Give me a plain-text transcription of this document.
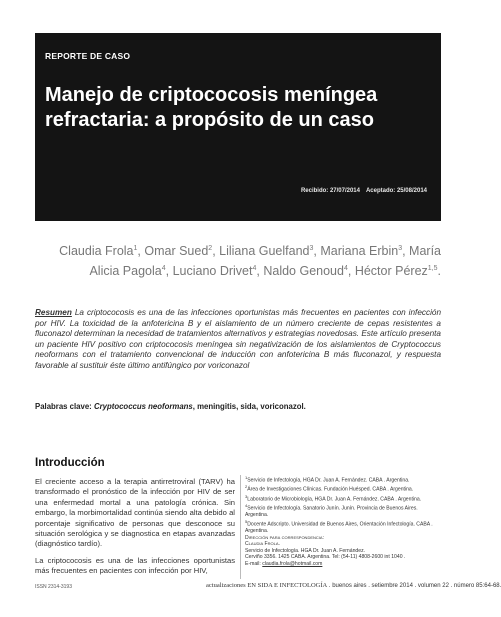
REPORTE DE CASO
Manejo de criptococosis meníngea
refractaria: a propósito de un caso
Recibido: 27/07/2014 Aceptado: 25/08/2014
Claudia Frola$^1$, Omar Sued$^2$, Liliana Guelfand$^3$, Mariana Erbin$^3$, María Alicia Pagola$^4$, Luciano Drivet$^4$, Naldo Genoud$^4$, Héctor Pérez$^{1,5}$.

Resumen La criptococosis es una de las infecciones oportunistas más frecuentes en pacientes con infección por HIV. La toxicidad de la anfotericina B y el aislamiento de un número creciente de cepas resistentes a fluconazol determinan la necesidad de tratamientos alternativos y estrategias novedosas. Este artículo presenta un paciente HIV positivo con criptococosis meníngea sin negativización de los aislamientos de Cryptococcus neoformans con el tratamiento convencional de inducción con anfotericina B más fluconazol, y respuesta favorable al sustituir éste último antifúngico por voriconazol

Palabras clave: Cryptococcus neoformans, meningitis, sida, voriconazol.
Introducción

El creciente acceso a la terapia antirretroviral (TARV) ha transformado el pronóstico de la infección por HIV de ser una enfermedad mortal a una patología crónica. Sin embargo, la morbimortalidad continúa siendo alta debido al porcentaje significativo de personas que desconoce su situación serológica y se diagnostica en etapas avanzadas (diagnóstico tardío).

La criptococosis es una de las infecciones oportunistas más frecuentes en pacientes con infección por HIV,

$^1$Servicio de Infectología, HGA Dr. Juan A. Fernández. CABA . Argentina.
$^2$Área de Investigaciones Clínicas. Fundación Huésped. CABA . Argentina.
$^3$Laboratorio de Microbiología, HGA Dr. Juan A. Fernández. CABA . Argentina.
$^4$Servicio de Infectología. Sanatorio Junín. Junín. Provincia de Buenos Aires. Argentina.
$^5$Docente Adscripto. Universidad de Buenos Aires, Orientación Infectología. CABA . Argentina.
Dirección para correspondencia:
Claudia Frola.
Servicio de Infectología. HGA Dr. Juan A. Fernández.
Cerviño 3356. 1425 CABA. Argentina. Tel: (54-11) 4808-2600 int 1040 .
E-mail: claudia.frola@hotmail.com
ISSN 2314-3193	actualizaciones EN SIDA E INFECTOLOGÍA . buenos aires . setiembre 2014 . volumen 22 . número 85:64-68.
